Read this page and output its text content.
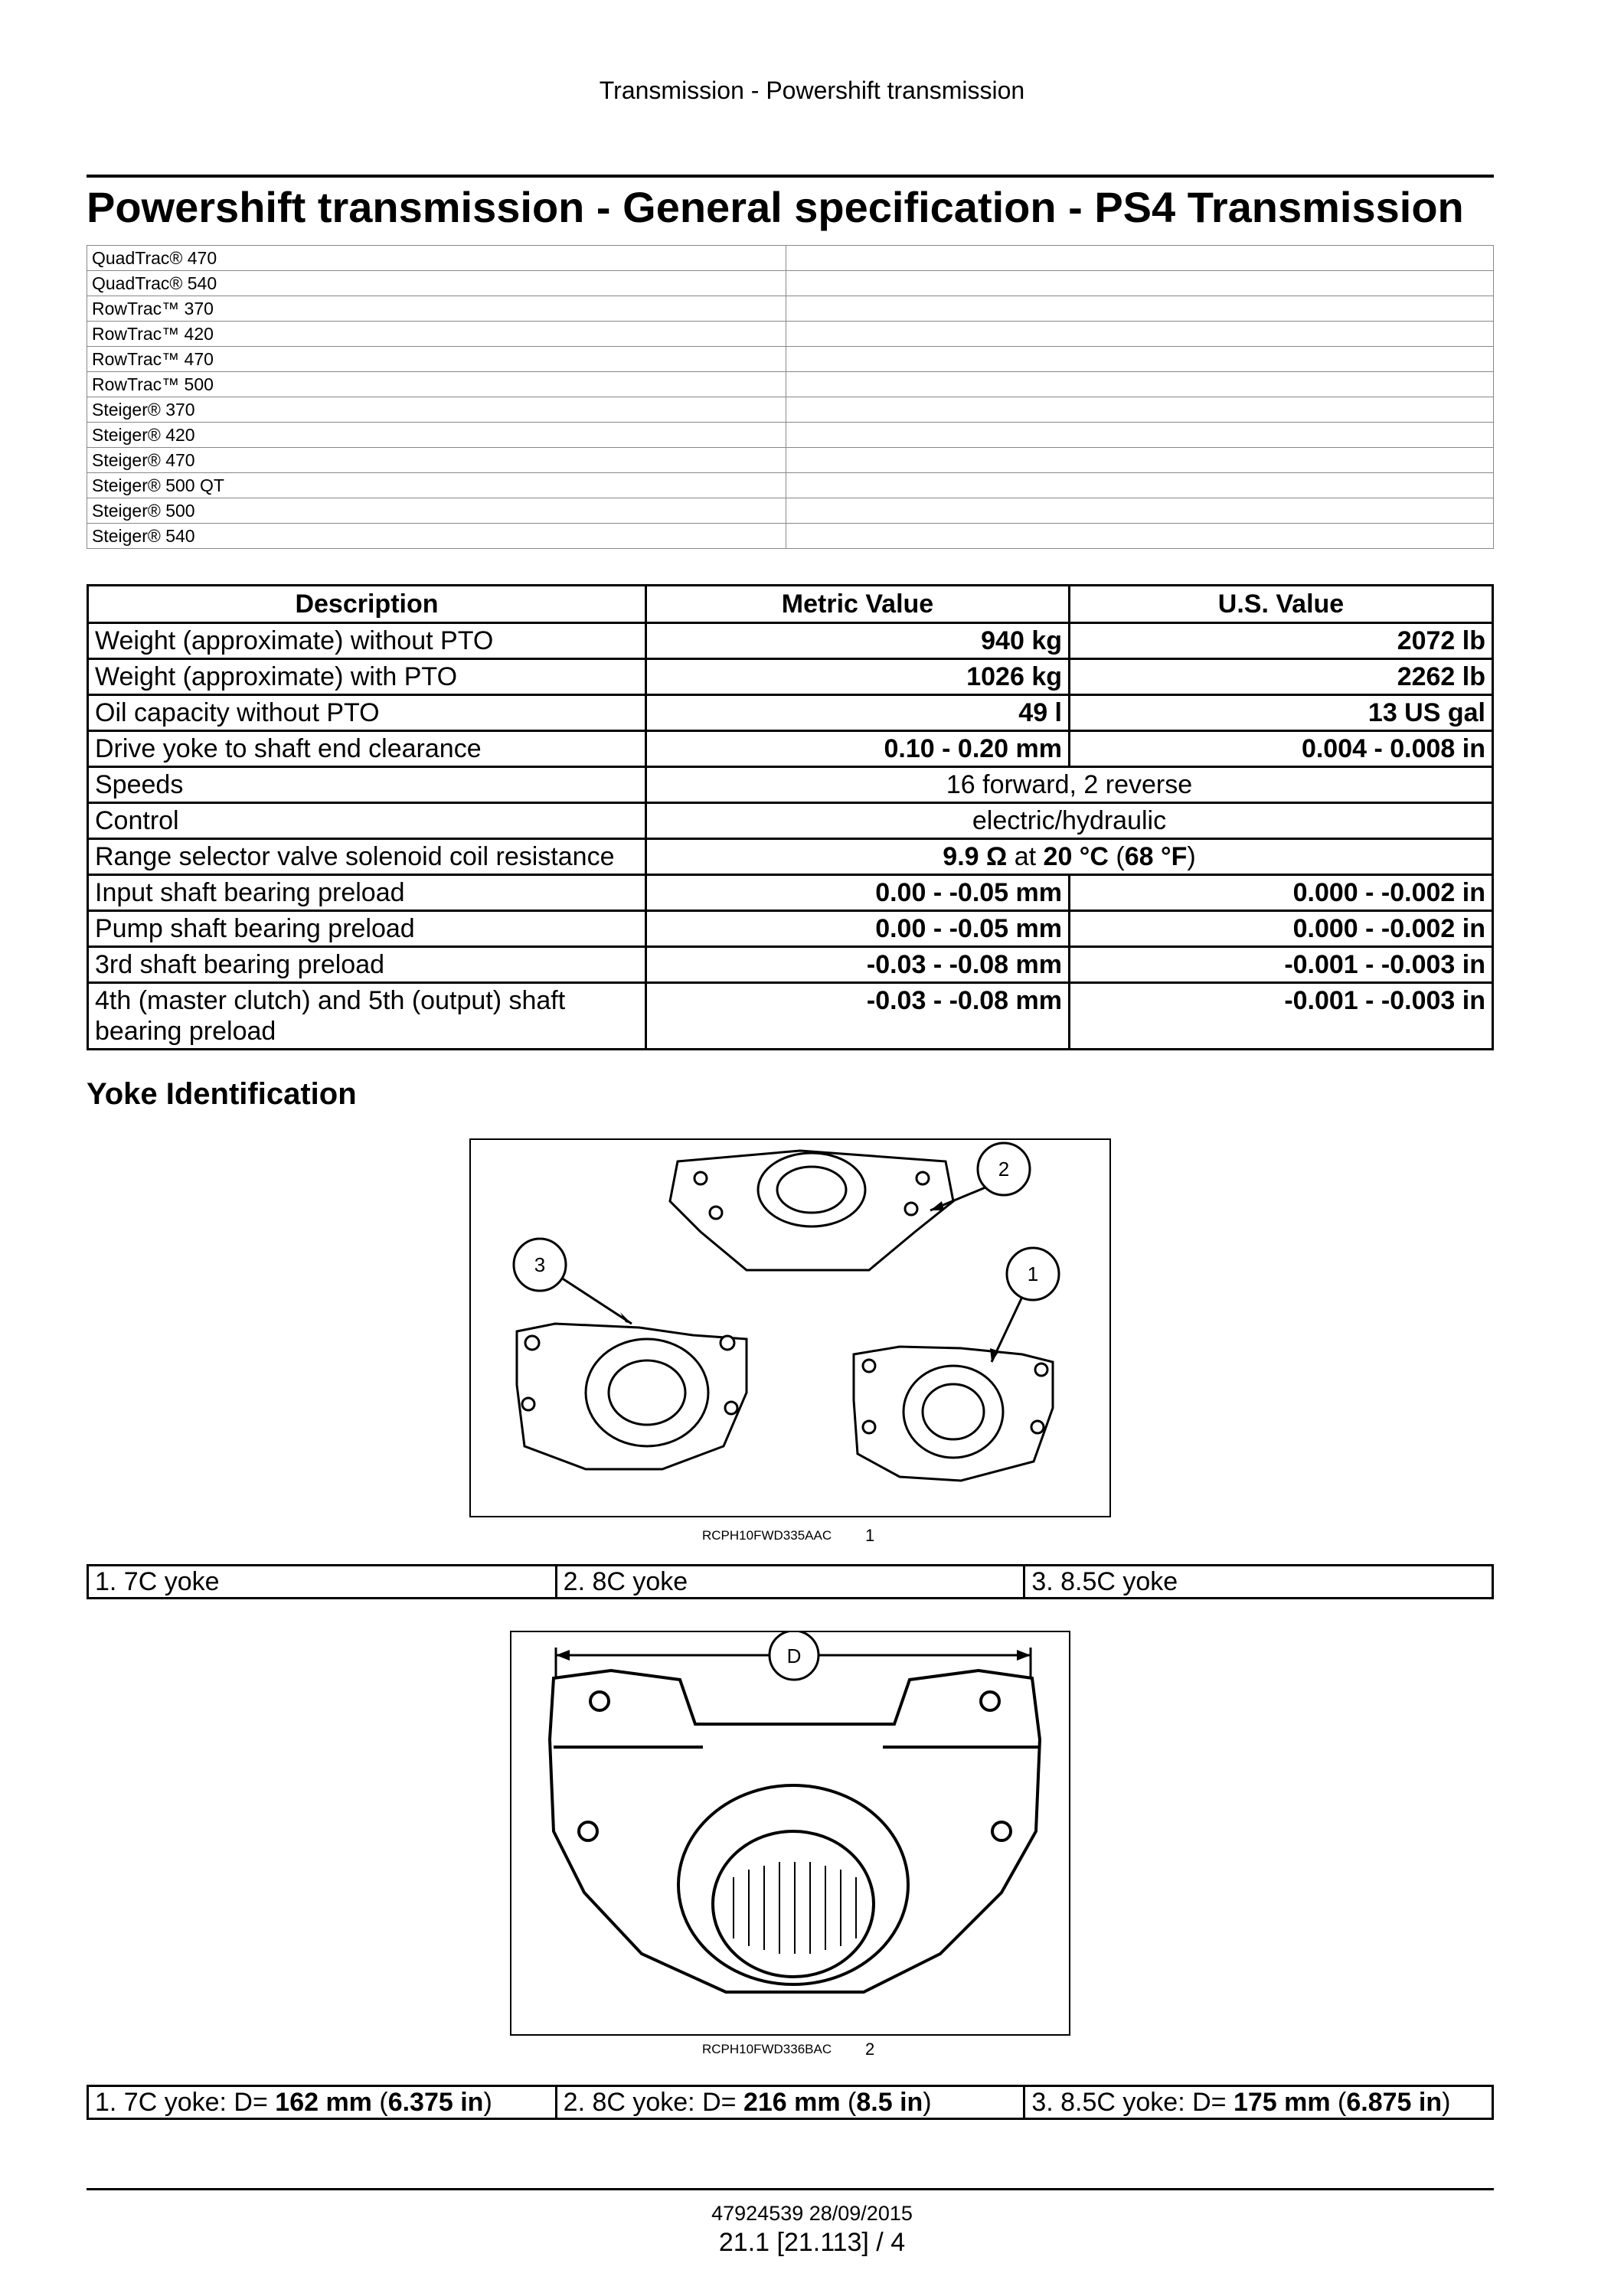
Transmission - Powershift transmission
Powershift transmission - General specification - PS4 Transmission
QuadTrac® 470	
QuadTrac® 540	
RowTrac™ 370	
RowTrac™ 420	
RowTrac™ 470	
RowTrac™ 500	
Steiger® 370	
Steiger® 420	
Steiger® 470	
Steiger® 500 QT	
Steiger® 500	
Steiger® 540	
Description	Metric Value	U.S. Value
Weight (approximate) without PTO	940 kg	2072 lb
Weight (approximate) with PTO	1026 kg	2262 lb
Oil capacity without PTO	49 l	13 US gal
Drive yoke to shaft end clearance	0.10 - 0.20 mm	0.004 - 0.008 in
Speeds	16 forward, 2 reverse	
Control	electric/hydraulic	
Range selector valve solenoid coil resistance	9.9 Ω at 20 °C (68 °F)	
Input shaft bearing preload	0.00 - -0.05 mm	0.000 - -0.002 in
Pump shaft bearing preload	0.00 - -0.05 mm	0.000 - -0.002 in
3rd shaft bearing preload	-0.03 - -0.08 mm	-0.001 - -0.003 in
4th (master clutch) and 5th (output) shaft bearing preload	-0.03 - -0.08 mm	-0.001 - -0.003 in
Yoke Identification
2
3	1
RCPH10FWD335AAC 1
1. 7C yoke	2. 8C yoke	3. 8.5C yoke
D
RCPH10FWD336BAC 2
1. 7C yoke: D= 162 mm (6.375 in)	2. 8C yoke: D= 216 mm (8.5 in)	3. 8.5C yoke: D= 175 mm (6.875 in)
47924539 28/09/2015
21.1 [21.113] / 4
